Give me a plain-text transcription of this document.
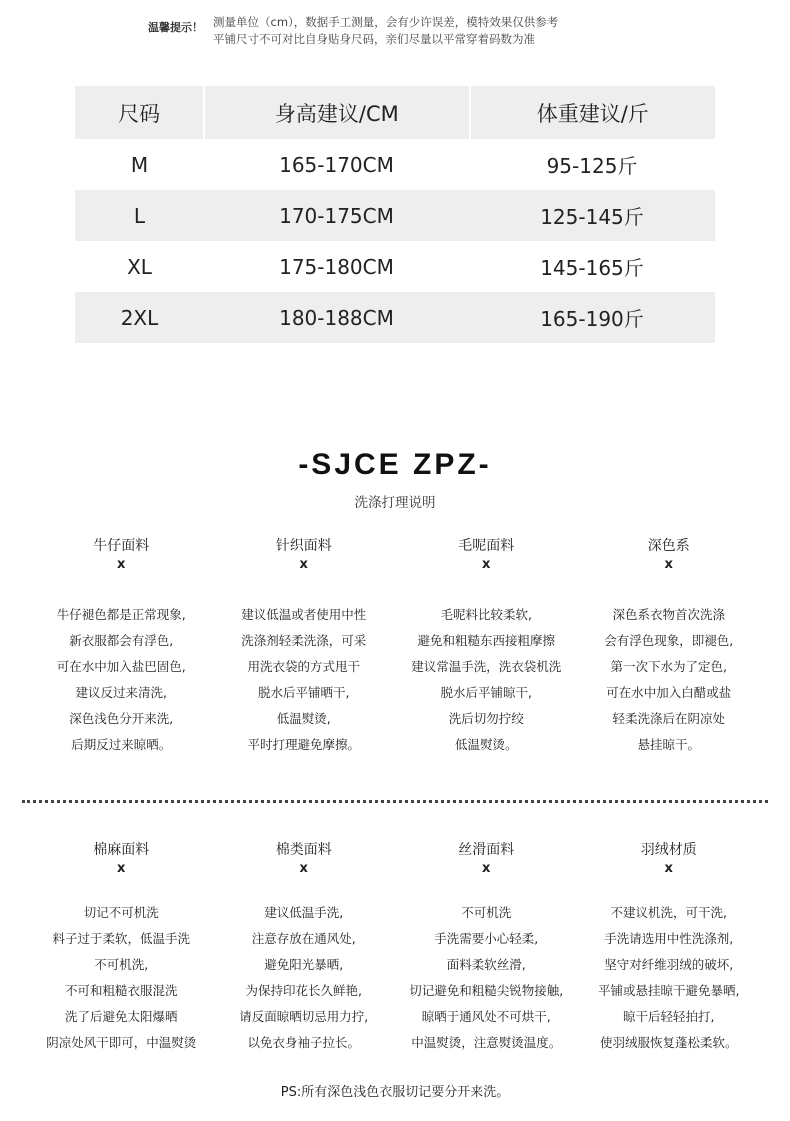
温馨提示！ 测量单位（cm），数据手工测量，会有少许误差，模特效果仅供参考
平铺尺寸不可对比自身贴身尺码，亲们尽量以平常穿着码数为准
尺码	身高建议/CM	体重建议/斤
M	165-170CM	95-125斤
L	170-175CM	125-145斤
XL	175-180CM	145-165斤
2XL	180-188CM	165-190斤
-SJCE ZPZ-
洗涤打理说明
牛仔面料
x
牛仔褪色都是正常现象,
新衣服都会有浮色,
可在水中加入盐巴固色,
建议反过来清洗,
深色浅色分开来洗,
后期反过来晾晒。
针织面料
x
建议低温或者使用中性
洗涤剂轻柔洗涤，可采
用洗衣袋的方式甩干
脱水后平铺晒干,
低温熨烫,
平时打理避免摩擦。
毛呢面料
x
毛呢料比较柔软,
避免和粗糙东西接粗摩擦
建议常温手洗，洗衣袋机洗
脱水后平铺晾干,
洗后切勿拧绞
低温熨烫。
深色系
x
深色系衣物首次洗涤
会有浮色现象，即褪色,
第一次下水为了定色,
可在水中加入白醋或盐
轻柔洗涤后在阴凉处
悬挂晾干。
棉麻面料
x
切记不可机洗
料子过于柔软，低温手洗
不可机洗,
不可和粗糙衣服混洗
洗了后避免太阳爆晒
阴凉处风干即可，中温熨烫
棉类面料
x
建议低温手洗,
注意存放在通风处,
避免阳光暴晒,
为保持印花长久鲜艳,
请反面晾晒切忌用力拧,
以免衣身袖子拉长。
丝滑面料
x
不可机洗
手洗需要小心轻柔,
面料柔软丝滑,
切记避免和粗糙尖锐物接触,
晾晒于通风处不可烘干,
中温熨烫，注意熨烫温度。
羽绒材质
x
不建议机洗，可干洗,
手洗请选用中性洗涤剂,
坚守对纤维羽绒的破坏,
平铺或悬挂晾干避免暴晒,
晾干后轻轻拍打,
使羽绒服恢复蓬松柔软。
PS:所有深色浅色衣服切记要分开来洗。
